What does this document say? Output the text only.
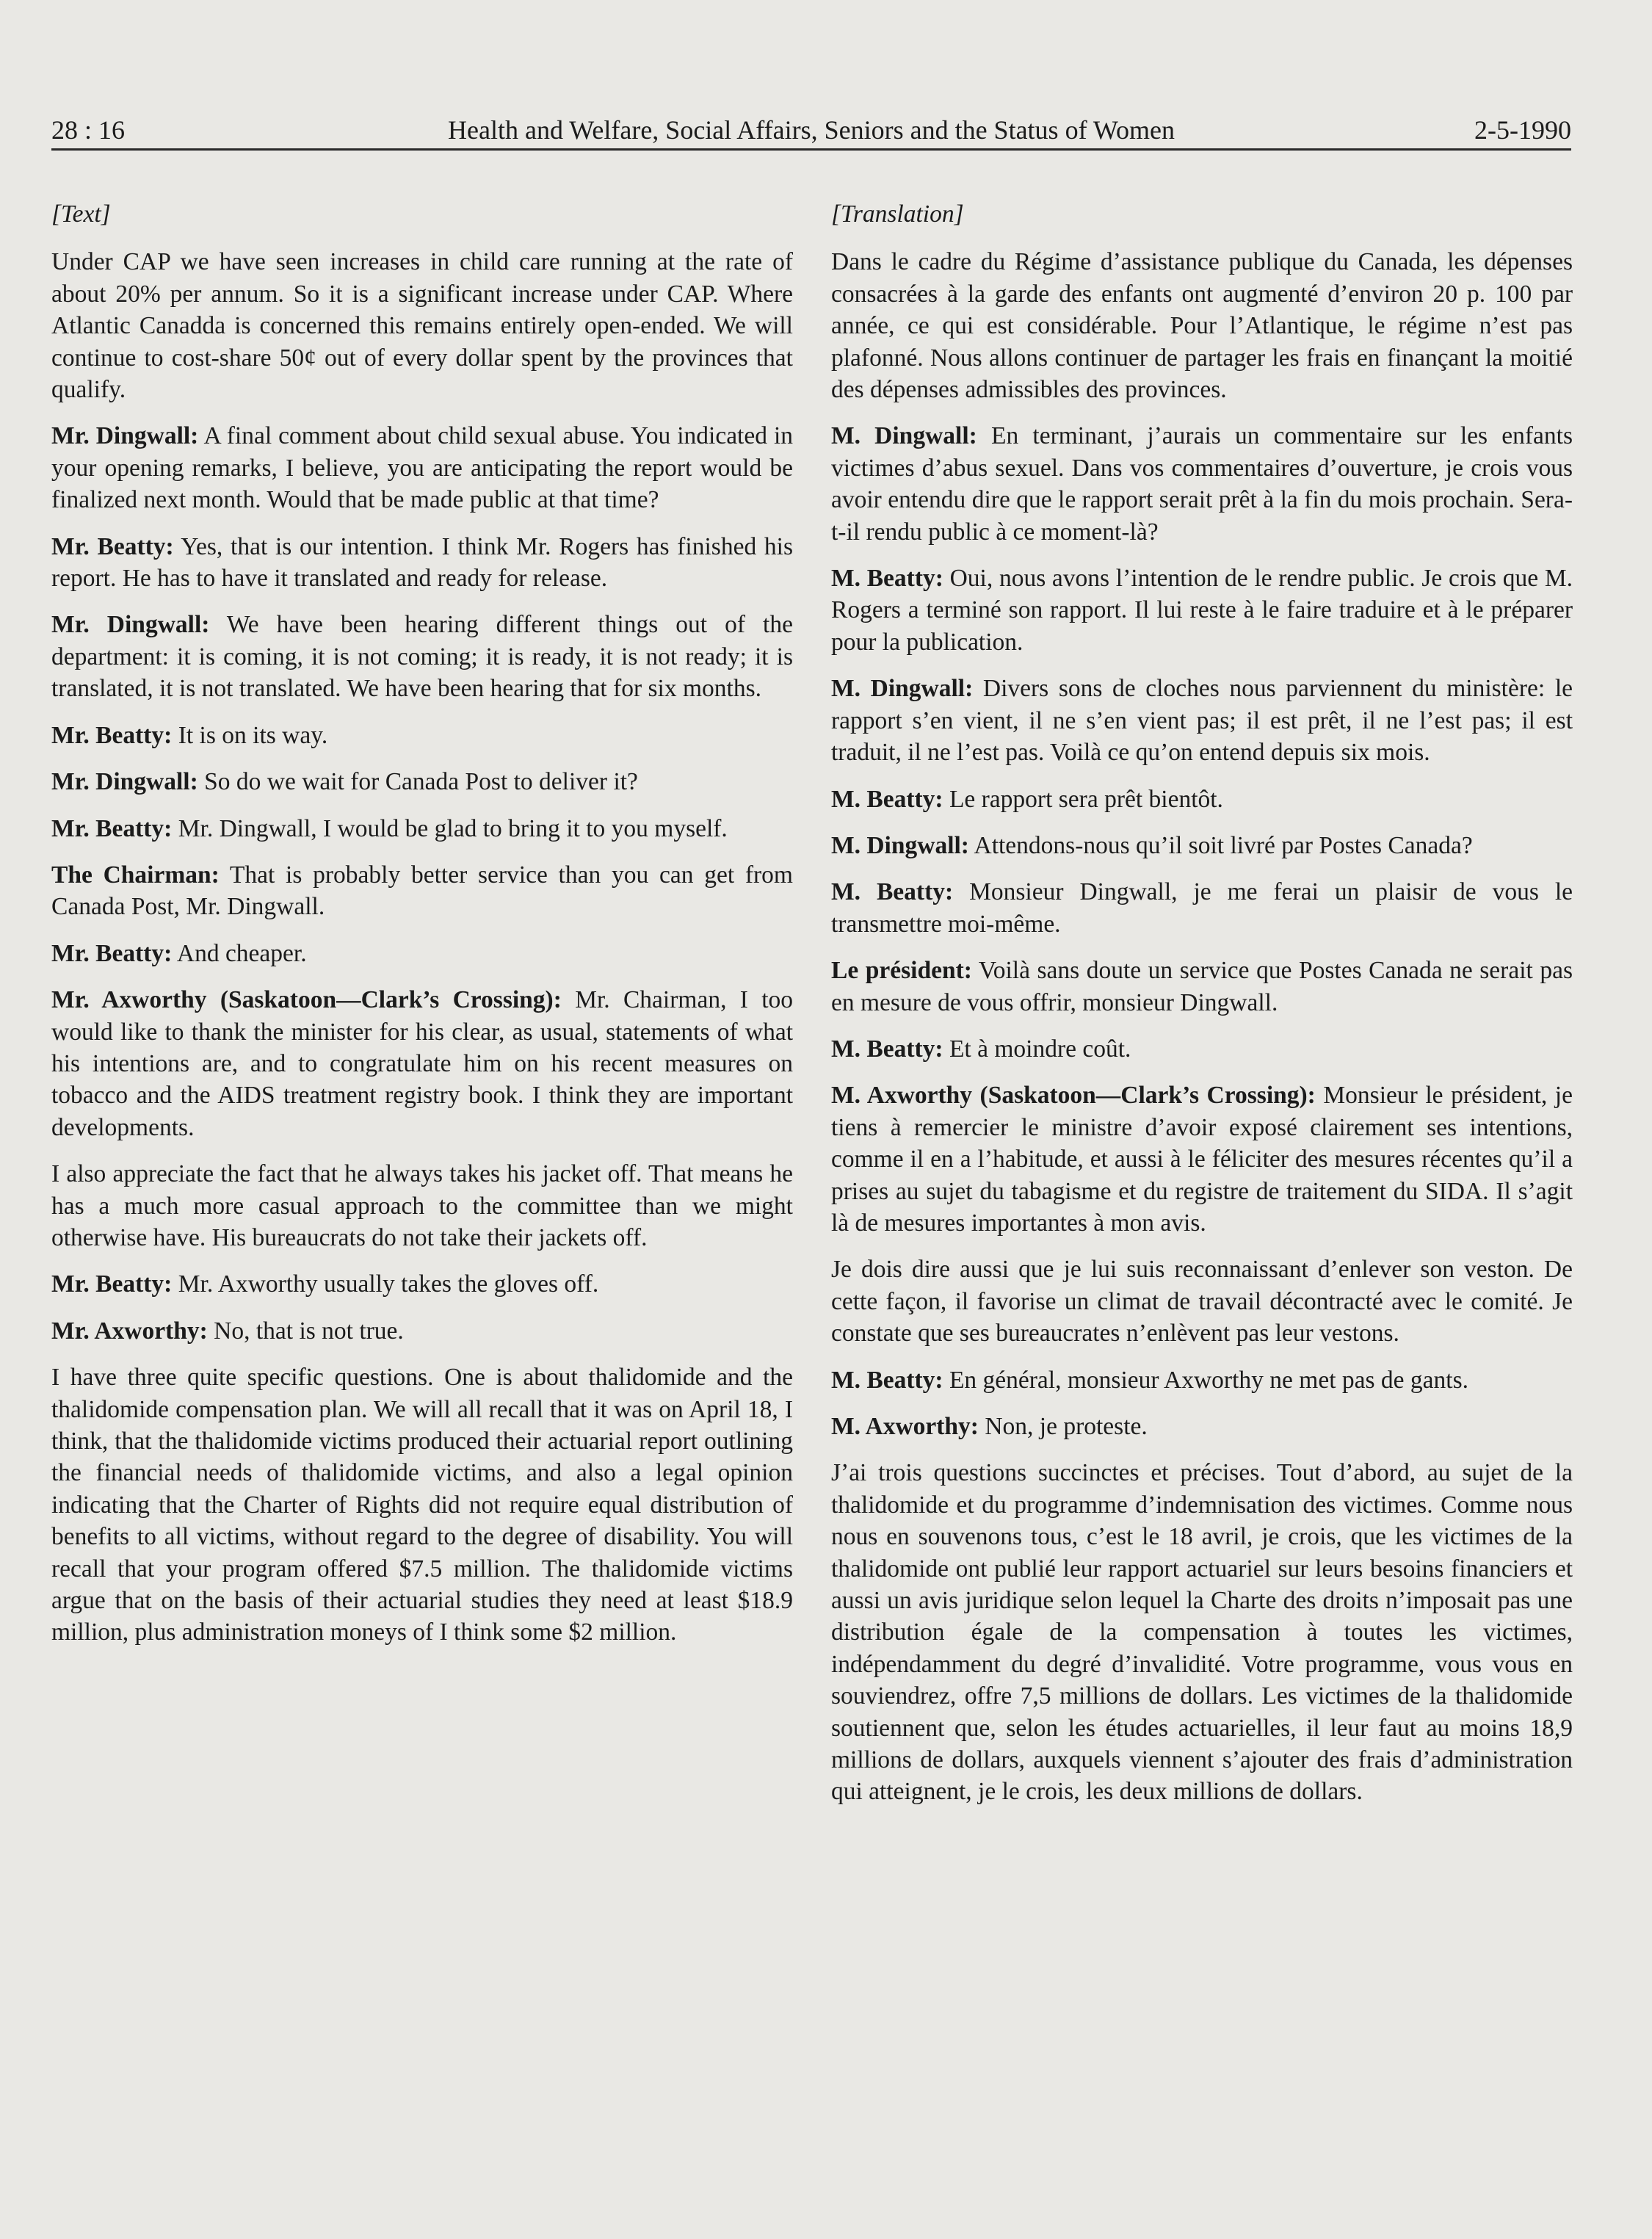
28 : 16	Health and Welfare, Social Affairs, Seniors and the Status of Women	2-5-1990

[Text]

Under CAP we have seen increases in child care running at the rate of about 20% per annum. So it is a significant increase under CAP. Where Atlantic Canadda is concerned this remains entirely open-ended. We will continue to cost-share 50¢ out of every dollar spent by the provinces that qualify.

Mr. Dingwall: A final comment about child sexual abuse. You indicated in your opening remarks, I believe, you are anticipating the report would be finalized next month. Would that be made public at that time?

Mr. Beatty: Yes, that is our intention. I think Mr. Rogers has finished his report. He has to have it translated and ready for release.

Mr. Dingwall: We have been hearing different things out of the department: it is coming, it is not coming; it is ready, it is not ready; it is translated, it is not translated. We have been hearing that for six months.

Mr. Beatty: It is on its way.

Mr. Dingwall: So do we wait for Canada Post to deliver it?

Mr. Beatty: Mr. Dingwall, I would be glad to bring it to you myself.

The Chairman: That is probably better service than you can get from Canada Post, Mr. Dingwall.

Mr. Beatty: And cheaper.

Mr. Axworthy (Saskatoon—Clark’s Crossing): Mr. Chairman, I too would like to thank the minister for his clear, as usual, statements of what his intentions are, and to congratulate him on his recent measures on tobacco and the AIDS treatment registry book. I think they are important developments.

I also appreciate the fact that he always takes his jacket off. That means he has a much more casual approach to the committee than we might otherwise have. His bureaucrats do not take their jackets off.

Mr. Beatty: Mr. Axworthy usually takes the gloves off.

Mr. Axworthy: No, that is not true.

I have three quite specific questions. One is about thalidomide and the thalidomide compensation plan. We will all recall that it was on April 18, I think, that the thalidomide victims produced their actuarial report outlining the financial needs of thalidomide victims, and also a legal opinion indicating that the Charter of Rights did not require equal distribution of benefits to all victims, without regard to the degree of disability. You will recall that your program offered $7.5 million. The thalidomide victims argue that on the basis of their actuarial studies they need at least $18.9 million, plus administration moneys of I think some $2 million.

[Translation]

Dans le cadre du Régime d’assistance publique du Canada, les dépenses consacrées à la garde des enfants ont augmenté d’environ 20 p. 100 par année, ce qui est considérable. Pour l’Atlantique, le régime n’est pas plafonné. Nous allons continuer de partager les frais en finançant la moitié des dépenses admissibles des provinces.

M. Dingwall: En terminant, j’aurais un commentaire sur les enfants victimes d’abus sexuel. Dans vos commentaires d’ouverture, je crois vous avoir entendu dire que le rapport serait prêt à la fin du mois prochain. Sera-t-il rendu public à ce moment-là?

M. Beatty: Oui, nous avons l’intention de le rendre public. Je crois que M. Rogers a terminé son rapport. Il lui reste à le faire traduire et à le préparer pour la publication.

M. Dingwall: Divers sons de cloches nous parviennent du ministère: le rapport s’en vient, il ne s’en vient pas; il est prêt, il ne l’est pas; il est traduit, il ne l’est pas. Voilà ce qu’on entend depuis six mois.

M. Beatty: Le rapport sera prêt bientôt.

M. Dingwall: Attendons-nous qu’il soit livré par Postes Canada?

M. Beatty: Monsieur Dingwall, je me ferai un plaisir de vous le transmettre moi-même.

Le président: Voilà sans doute un service que Postes Canada ne serait pas en mesure de vous offrir, monsieur Dingwall.

M. Beatty: Et à moindre coût.

M. Axworthy (Saskatoon—Clark’s Crossing): Monsieur le président, je tiens à remercier le ministre d’avoir exposé clairement ses intentions, comme il en a l’habitude, et aussi à le féliciter des mesures récentes qu’il a prises au sujet du tabagisme et du registre de traitement du SIDA. Il s’agit là de mesures importantes à mon avis.

Je dois dire aussi que je lui suis reconnaissant d’enlever son veston. De cette façon, il favorise un climat de travail décontracté avec le comité. Je constate que ses bureaucrates n’enlèvent pas leur vestons.

M. Beatty: En général, monsieur Axworthy ne met pas de gants.

M. Axworthy: Non, je proteste.

J’ai trois questions succinctes et précises. Tout d’abord, au sujet de la thalidomide et du programme d’indemnisation des victimes. Comme nous nous en souvenons tous, c’est le 18 avril, je crois, que les victimes de la thalidomide ont publié leur rapport actuariel sur leurs besoins financiers et aussi un avis juridique selon lequel la Charte des droits n’imposait pas une distribution égale de la compensation à toutes les victimes, indépendamment du degré d’invalidité. Votre programme, vous vous en souviendrez, offre 7,5 millions de dollars. Les victimes de la thalidomide soutiennent que, selon les études actuarielles, il leur faut au moins 18,9 millions de dollars, auxquels viennent s’ajouter des frais d’administration qui atteignent, je le crois, les deux millions de dollars.
